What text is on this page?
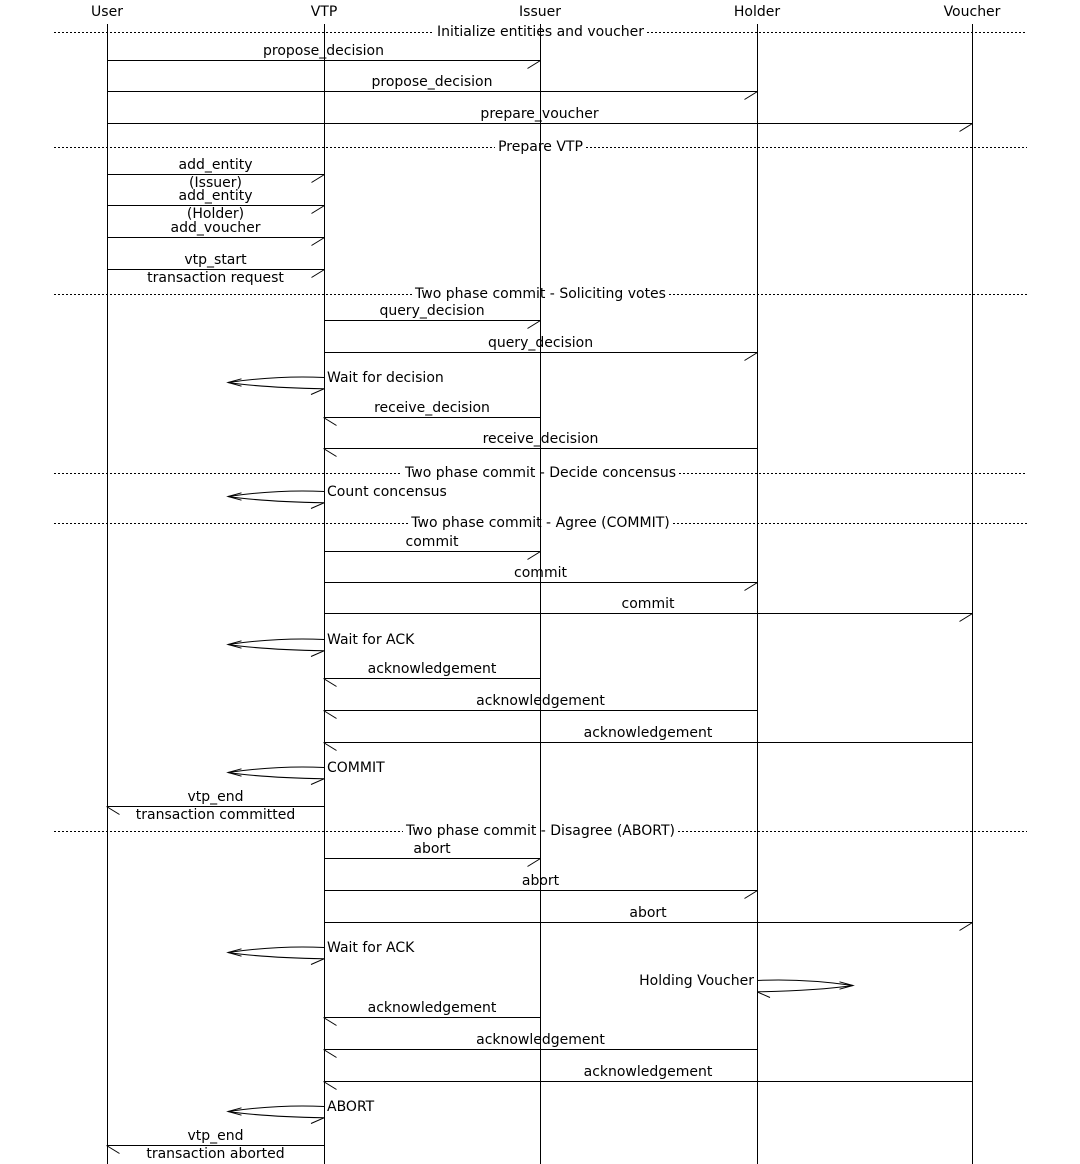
User	VTP	Issuer	Holder	Voucher
Initialize entities and voucher
Prepare VTP
Two phase commit - Soliciting votes
Two phase commit - Decide concensus
Two phase commit - Agree (COMMIT)
Two phase commit - Disagree (ABORT)
propose_decision
propose_decision
prepare_voucher
add_entity
(Issuer)
add_entity
(Holder)
add_voucher
vtp_start
transaction request
query_decision
query_decision
Wait for decision
receive_decision
receive_decision
Count concensus
commit
commit
commit
Wait for ACK
acknowledgement
acknowledgement
acknowledgement
COMMIT
vtp_end
transaction committed
abort
abort
abort
Wait for ACK
Holding Voucher
acknowledgement
acknowledgement
acknowledgement
ABORT
vtp_end
transaction aborted
